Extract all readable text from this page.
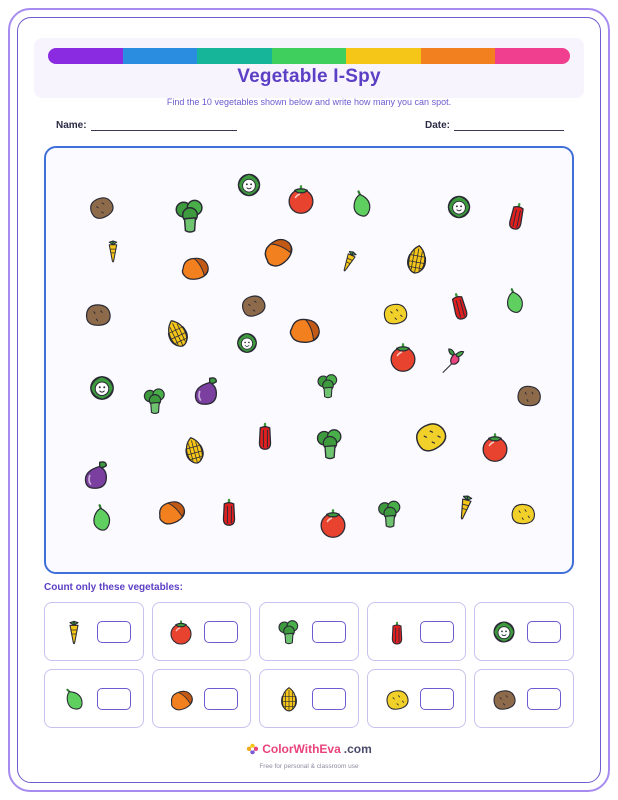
Vegetable I-Spy
Find the 10 vegetables shown below and write how many you can spot.
Name:	Date:
Count only these vegetables:
ColorWithEva .com
Free for personal & classroom use
